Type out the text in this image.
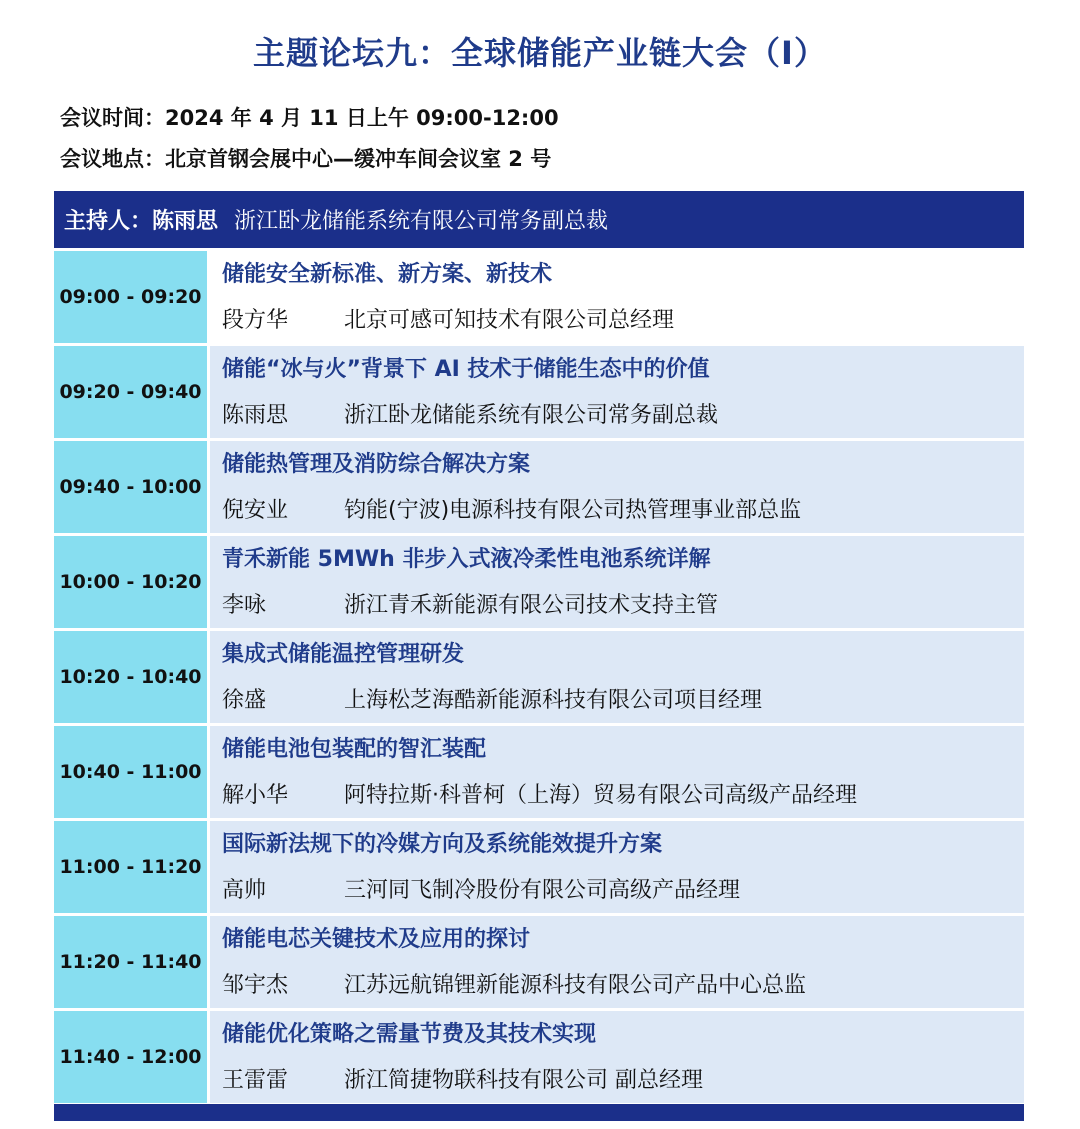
主题论坛九：全球储能产业链大会（I）
会议时间：2024 年 4 月 11 日上午 09:00-12:00
会议地点：北京首钢会展中心—缓冲车间会议室 2 号
主持人： 陈雨思 浙江卧龙储能系统有限公司常务副总裁
09:00 - 09:20
储能安全新标准、新方案、新技术
段方华	北京可感可知技术有限公司总经理
09:20 - 09:40
储能“冰与火”背景下 AI 技术于储能生态中的价值
陈雨思	浙江卧龙储能系统有限公司常务副总裁
09:40 - 10:00
储能热管理及消防综合解决方案
倪安业	钧能(宁波)电源科技有限公司热管理事业部总监
10:00 - 10:20
青禾新能 5MWh 非步入式液冷柔性电池系统详解
李咏	浙江青禾新能源有限公司技术支持主管
10:20 - 10:40
集成式储能温控管理研发
徐盛	上海松芝海酷新能源科技有限公司项目经理
10:40 - 11:00
储能电池包装配的智汇装配
解小华	阿特拉斯·科普柯（上海）贸易有限公司高级产品经理
11:00 - 11:20
国际新法规下的冷媒方向及系统能效提升方案
高帅	三河同飞制冷股份有限公司高级产品经理
11:20 - 11:40
储能电芯关键技术及应用的探讨
邹宇杰	江苏远航锦锂新能源科技有限公司产品中心总监
11:40 - 12:00
储能优化策略之需量节费及其技术实现
王雷雷	浙江简捷物联科技有限公司 副总经理
